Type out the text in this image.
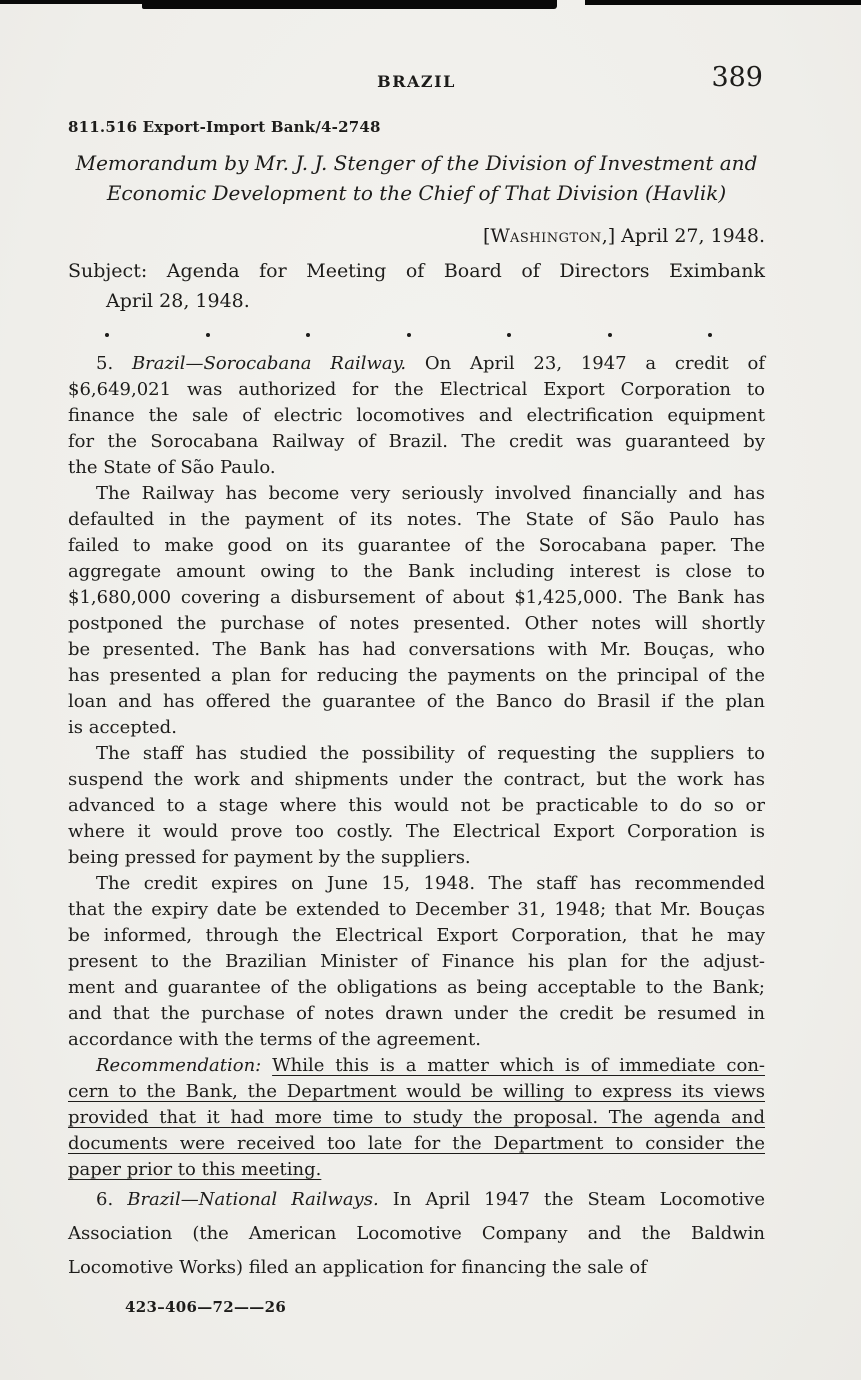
BRAZIL	389
811.516 Export-Import Bank/4-2748
Memorandum by Mr. J. J. Stenger of the Division of Investment and
Economic Development to the Chief of That Division (Havlik)
[Washington,] April 27, 1948.
Subject: Agenda for Meeting of Board of Directors Eximbank
April 28, 1948.
5. Brazil—Sorocabana Railway. On April 23, 1947 a credit of
$6,649,021 was authorized for the Electrical Export Corporation to
finance the sale of electric locomotives and electrification equipment
for the Sorocabana Railway of Brazil. The credit was guaranteed by
the State of São Paulo.
The Railway has become very seriously involved financially and has
defaulted in the payment of its notes. The State of São Paulo has
failed to make good on its guarantee of the Sorocabana paper. The
aggregate amount owing to the Bank including interest is close to
$1,680,000 covering a disbursement of about $1,425,000. The Bank has
postponed the purchase of notes presented. Other notes will shortly
be presented. The Bank has had conversations with Mr. Bouças, who
has presented a plan for reducing the payments on the principal of the
loan and has offered the guarantee of the Banco do Brasil if the plan
is accepted.
The staff has studied the possibility of requesting the suppliers to
suspend the work and shipments under the contract, but the work has
advanced to a stage where this would not be practicable to do so or
where it would prove too costly. The Electrical Export Corporation is
being pressed for payment by the suppliers.
The credit expires on June 15, 1948. The staff has recommended
that the expiry date be extended to December 31, 1948; that Mr. Bouças
be informed, through the Electrical Export Corporation, that he may
present to the Brazilian Minister of Finance his plan for the adjust-
ment and guarantee of the obligations as being acceptable to the Bank;
and that the purchase of notes drawn under the credit be resumed in
accordance with the terms of the agreement.
Recommendation: While this is a matter which is of immediate con-
cern to the Bank, the Department would be willing to express its views
provided that it had more time to study the proposal. The agenda and
documents were received too late for the Department to consider the
paper prior to this meeting.
6. Brazil—National Railways. In April 1947 the Steam Locomotive
Association (the American Locomotive Company and the Baldwin
Locomotive Works) filed an application for financing the sale of
423–406—72——26
